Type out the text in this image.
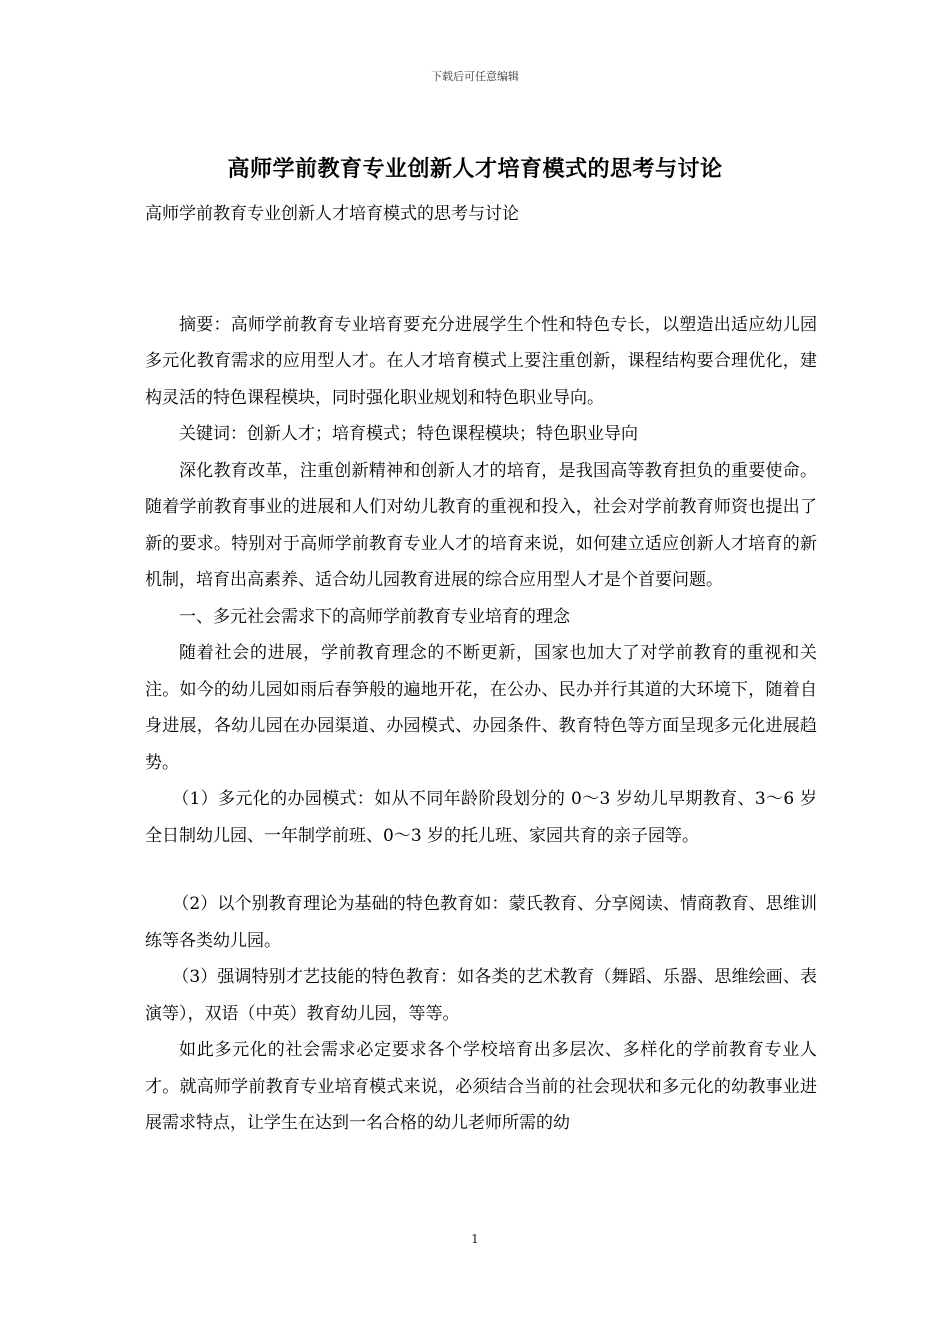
下载后可任意编辑
高师学前教育专业创新人才培育模式的思考与讨论

高师学前教育专业创新人才培育模式的思考与讨论

摘要：高师学前教育专业培育要充分进展学生个性和特色专长，以塑造出适应幼儿园多元化教育需求的应用型人才。在人才培育模式上要注重创新，课程结构要合理优化，建构灵活的特色课程模块，同时强化职业规划和特色职业导向。

关键词：创新人才；培育模式；特色课程模块；特色职业导向

深化教育改革，注重创新精神和创新人才的培育，是我国高等教育担负的重要使命。随着学前教育事业的进展和人们对幼儿教育的重视和投入，社会对学前教育师资也提出了新的要求。特别对于高师学前教育专业人才的培育来说，如何建立适应创新人才培育的新机制，培育出高素养、适合幼儿园教育进展的综合应用型人才是个首要问题。

一、多元社会需求下的高师学前教育专业培育的理念

随着社会的进展，学前教育理念的不断更新，国家也加大了对学前教育的重视和关注。如今的幼儿园如雨后春笋般的遍地开花，在公办、民办并行其道的大环境下，随着自身进展，各幼儿园在办园渠道、办园模式、办园条件、教育特色等方面呈现多元化进展趋势。

（1）多元化的办园模式：如从不同年龄阶段划分的 0～3 岁幼儿早期教育、3～6 岁全日制幼儿园、一年制学前班、0～3 岁的托儿班、家园共育的亲子园等。

（2）以个别教育理论为基础的特色教育如：蒙氏教育、分享阅读、情商教育、思维训练等各类幼儿园。

（3）强调特别才艺技能的特色教育：如各类的艺术教育（舞蹈、乐器、思维绘画、表演等），双语（中英）教育幼儿园，等等。

如此多元化的社会需求必定要求各个学校培育出多层次、多样化的学前教育专业人才。就高师学前教育专业培育模式来说，必须结合当前的社会现状和多元化的幼教事业进展需求特点，让学生在达到一名合格的幼儿老师所需的幼

1
